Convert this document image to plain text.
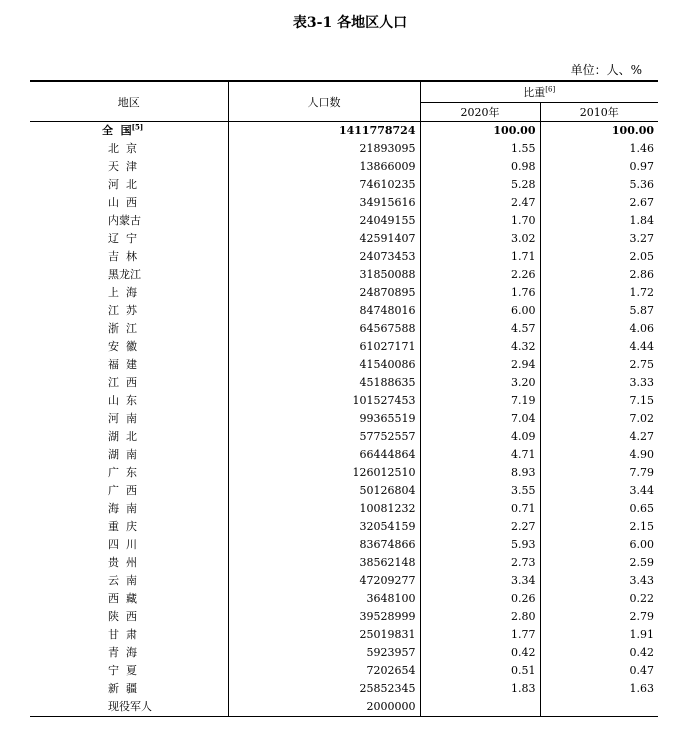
表3-1 各地区人口
单位：人、%
地区	人口数	比重[6]
		2020年	2010年
全  国[5]	1411778724	100.00	100.00
北  京	21893095	1.55	1.46
天  津	13866009	0.98	0.97
河  北	74610235	5.28	5.36
山  西	34915616	2.47	2.67
内蒙古	24049155	1.70	1.84
辽  宁	42591407	3.02	3.27
吉  林	24073453	1.71	2.05
黑龙江	31850088	2.26	2.86
上  海	24870895	1.76	1.72
江  苏	84748016	6.00	5.87
浙  江	64567588	4.57	4.06
安  徽	61027171	4.32	4.44
福  建	41540086	2.94	2.75
江  西	45188635	3.20	3.33
山  东	101527453	7.19	7.15
河  南	99365519	7.04	7.02
湖  北	57752557	4.09	4.27
湖  南	66444864	4.71	4.90
广  东	126012510	8.93	7.79
广  西	50126804	3.55	3.44
海  南	10081232	0.71	0.65
重  庆	32054159	2.27	2.15
四  川	83674866	5.93	6.00
贵  州	38562148	2.73	2.59
云  南	47209277	3.34	3.43
西  藏	3648100	0.26	0.22
陕  西	39528999	2.80	2.79
甘  肃	25019831	1.77	1.91
青  海	5923957	0.42	0.42
宁  夏	7202654	0.51	0.47
新  疆	25852345	1.83	1.63
现役军人	2000000		
